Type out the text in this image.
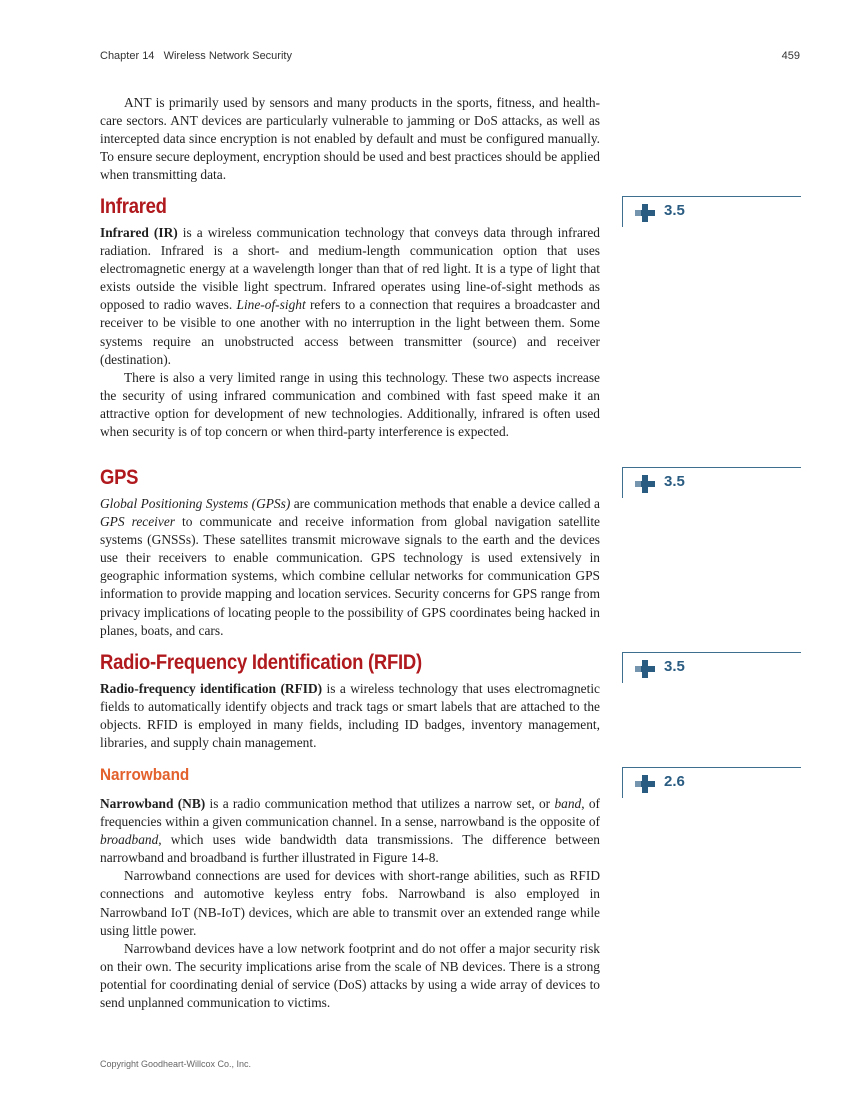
Chapter 14 Wireless Network Security	459

ANT is primarily used by sensors and many products in the sports, fitness, and health-care sectors. ANT devices are particularly vulnerable to jamming or DoS attacks, as well as intercepted data since encryption is not enabled by default and must be configured manually. To ensure secure deployment, encryption should be used and best practices should be applied when transmitting data.

Infrared

Infrared (IR) is a wireless communication technology that conveys data through infrared radiation. Infrared is a short- and medium-length communication option that uses electromagnetic energy at a wavelength longer than that of red light. It is a type of light that exists outside the visible light spectrum. Infrared operates using line-of-sight methods as opposed to radio waves. Line-of-sight refers to a connection that requires a broadcaster and receiver to be visible to one another with no interruption in the light between them. Some systems require an unobstructed access between transmitter (source) and receiver (destination).

There is also a very limited range in using this technology. These two aspects increase the security of using infrared communication and combined with fast speed make it an attractive option for development of new technologies. Additionally, infrared is often used when security is of top concern or when third-party interference is expected.

GPS

Global Positioning Systems (GPSs) are communication methods that enable a device called a GPS receiver to communicate and receive information from global navigation satellite systems (GNSSs). These satellites transmit microwave signals to the earth and the devices use their receivers to enable communication. GPS technology is used extensively in geographic information systems, which combine cellular networks for communication GPS information to provide mapping and location services. Security concerns for GPS range from privacy implications of locating people to the possibility of GPS coordinates being hacked in planes, boats, and cars.

Radio-Frequency Identification (RFID)

Radio-frequency identification (RFID) is a wireless technology that uses electromagnetic fields to automatically identify objects and track tags or smart labels that are attached to the objects. RFID is employed in many fields, including ID badges, inventory management, libraries, and supply chain management.

Narrowband

Narrowband (NB) is a radio communication method that utilizes a narrow set, or band, of frequencies within a given communication channel. In a sense, narrowband is the opposite of broadband, which uses wide bandwidth data transmissions. The difference between narrowband and broadband is further illustrated in Figure 14-8.

Narrowband connections are used for devices with short-range abilities, such as RFID connections and automotive keyless entry fobs. Narrowband is also employed in Narrowband IoT (NB-IoT) devices, which are able to transmit over an extended range while using little power.

Narrowband devices have a low network footprint and do not offer a major security risk on their own. The security implications arise from the scale of NB devices. There is a strong potential for coordinating denial of service (DoS) attacks by using a wide array of devices to send unplanned communication to victims.

3.5
3.5
3.5
2.6
Copyright Goodheart-Willcox Co., Inc.
